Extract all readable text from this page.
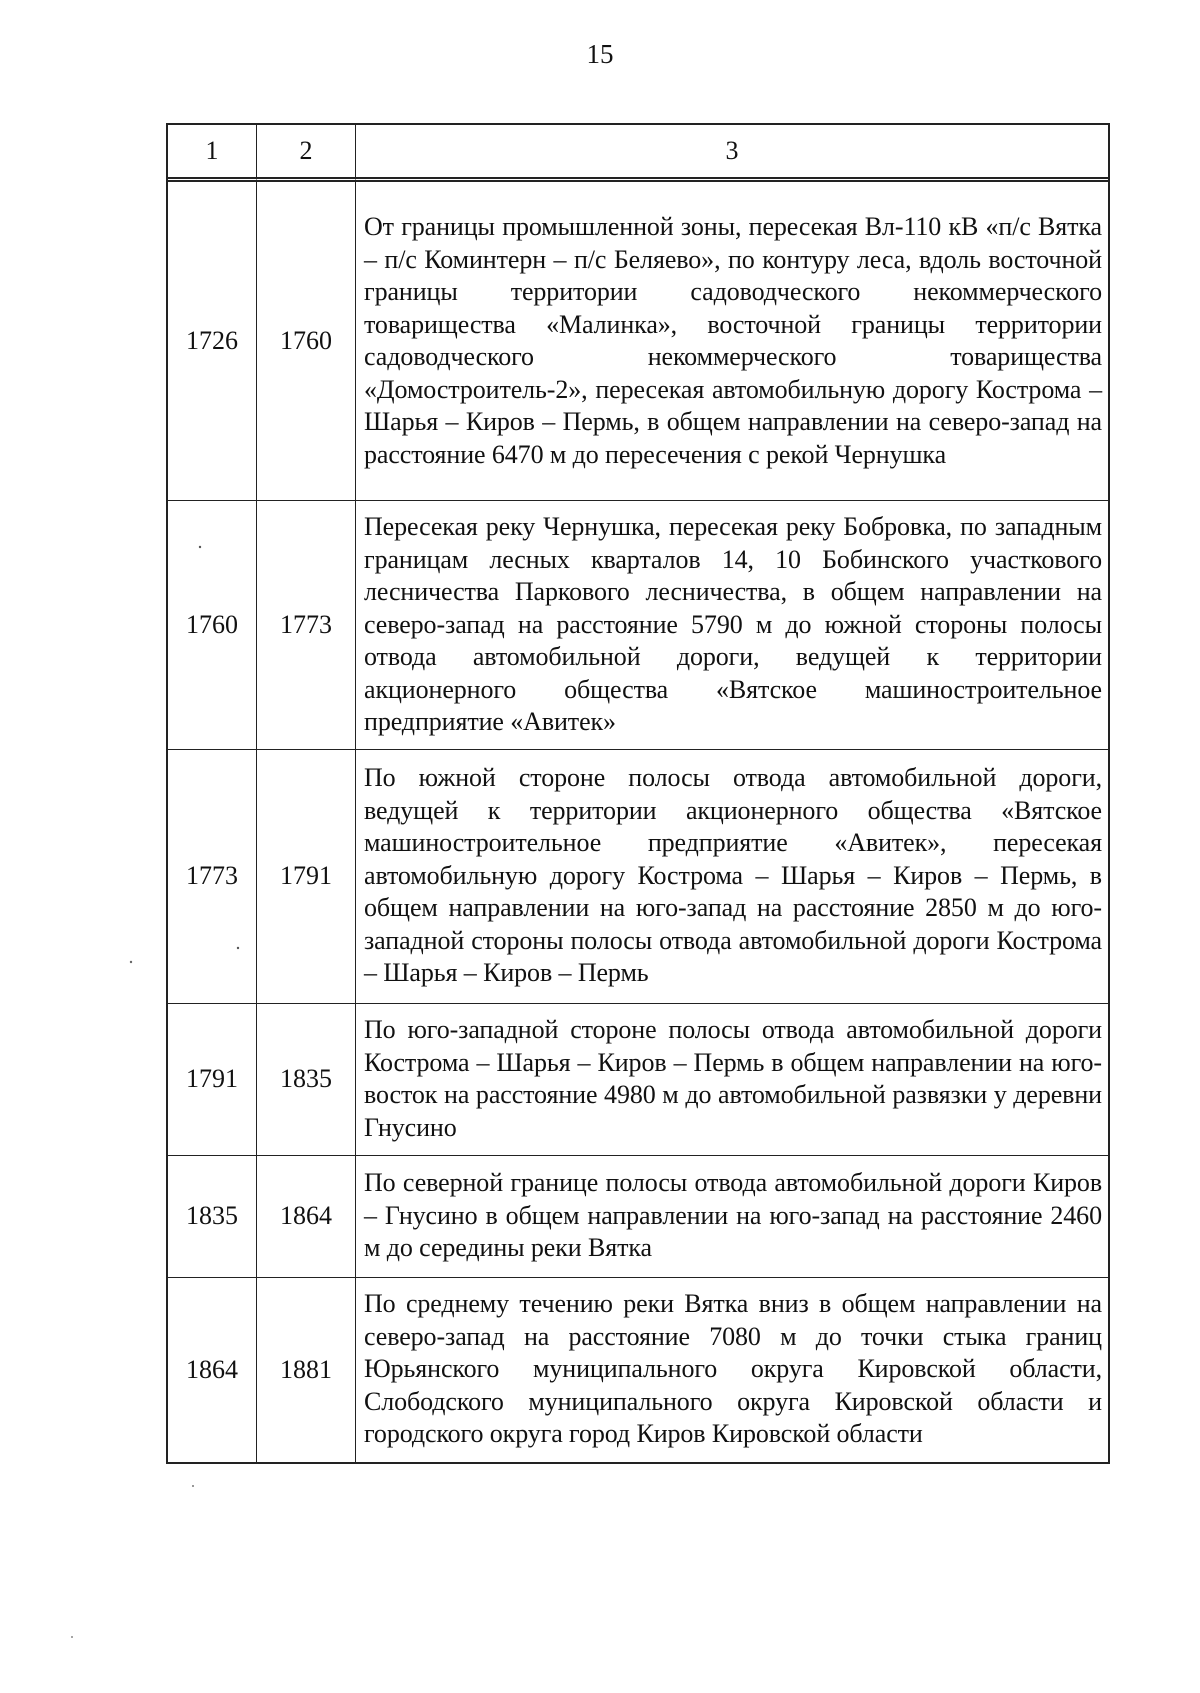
15
1	2	3
1726	1760	От границы промышленной зоны, пересекая Вл-110 кВ «п/с Вятка – п/с Коминтерн – п/с Беляево», по контуру леса, вдоль восточной границы территории садоводческого некоммерческого товарищества «Малинка», восточной границы территории садоводческого некоммерческого товарищества «Домостроитель-2», пересекая автомобильную дорогу Кострома – Шарья – Киров – Пермь, в общем направлении на северо-запад на расстояние 6470 м до пересечения с рекой Чернушка
1760	1773	Пересекая реку Чернушка, пересекая реку Бобровка, по западным границам лесных кварталов 14, 10 Бобинского участкового лесничества Паркового лесничества, в общем направлении на северо-запад на расстояние 5790 м до южной стороны полосы отвода автомобильной дороги, ведущей к территории акционерного общества «Вятское машиностроительное предприятие «Авитек»
1773	1791	По южной стороне полосы отвода автомобильной дороги, ведущей к территории акционерного общества «Вятское машиностроительное предприятие «Авитек», пересекая автомобильную дорогу Кострома – Шарья – Киров – Пермь, в общем направлении на юго-запад на расстояние 2850 м до юго-западной стороны полосы отвода автомобильной дороги Кострома – Шарья – Киров – Пермь
1791	1835	По юго-западной стороне полосы отвода автомобильной дороги Кострома – Шарья – Киров – Пермь в общем направлении на юго-восток на расстояние 4980 м до автомобильной развязки у деревни Гнусино
1835	1864	По северной границе полосы отвода автомобильной дороги Киров – Гнусино в общем направлении на юго-запад на расстояние 2460 м до середины реки Вятка
1864	1881	По среднему течению реки Вятка вниз в общем направлении на северо-запад на расстояние 7080 м до точки стыка границ Юрьянского муниципального округа Кировской области, Слободского муниципального округа Кировской области и городского округа город Киров Кировской области
